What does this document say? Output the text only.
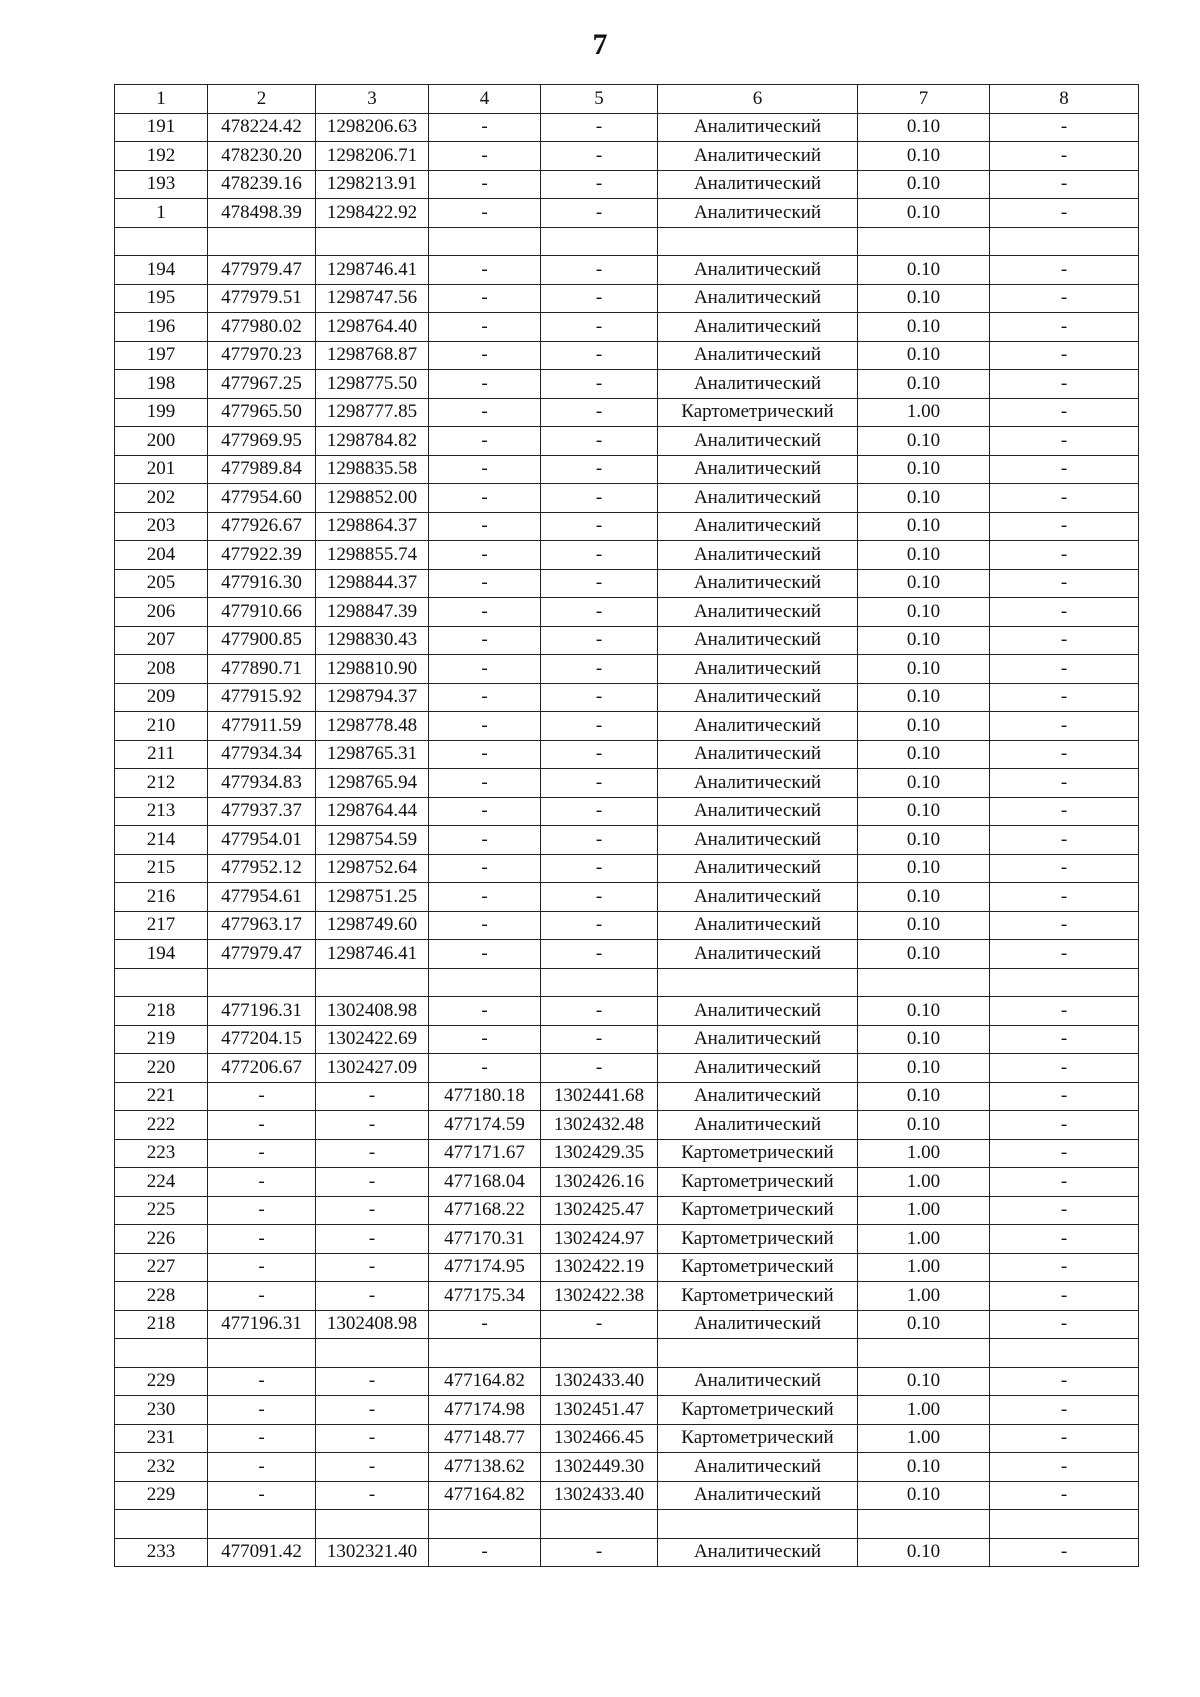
7
1	2	3	4	5	6	7	8
191	478224.42	1298206.63	-	-	Аналитический	0.10	-
192	478230.20	1298206.71	-	-	Аналитический	0.10	-
193	478239.16	1298213.91	-	-	Аналитический	0.10	-
1	478498.39	1298422.92	-	-	Аналитический	0.10	-

194	477979.47	1298746.41	-	-	Аналитический	0.10	-
195	477979.51	1298747.56	-	-	Аналитический	0.10	-
196	477980.02	1298764.40	-	-	Аналитический	0.10	-
197	477970.23	1298768.87	-	-	Аналитический	0.10	-
198	477967.25	1298775.50	-	-	Аналитический	0.10	-
199	477965.50	1298777.85	-	-	Картометрический	1.00	-
200	477969.95	1298784.82	-	-	Аналитический	0.10	-
201	477989.84	1298835.58	-	-	Аналитический	0.10	-
202	477954.60	1298852.00	-	-	Аналитический	0.10	-
203	477926.67	1298864.37	-	-	Аналитический	0.10	-
204	477922.39	1298855.74	-	-	Аналитический	0.10	-
205	477916.30	1298844.37	-	-	Аналитический	0.10	-
206	477910.66	1298847.39	-	-	Аналитический	0.10	-
207	477900.85	1298830.43	-	-	Аналитический	0.10	-
208	477890.71	1298810.90	-	-	Аналитический	0.10	-
209	477915.92	1298794.37	-	-	Аналитический	0.10	-
210	477911.59	1298778.48	-	-	Аналитический	0.10	-
211	477934.34	1298765.31	-	-	Аналитический	0.10	-
212	477934.83	1298765.94	-	-	Аналитический	0.10	-
213	477937.37	1298764.44	-	-	Аналитический	0.10	-
214	477954.01	1298754.59	-	-	Аналитический	0.10	-
215	477952.12	1298752.64	-	-	Аналитический	0.10	-
216	477954.61	1298751.25	-	-	Аналитический	0.10	-
217	477963.17	1298749.60	-	-	Аналитический	0.10	-
194	477979.47	1298746.41	-	-	Аналитический	0.10	-

218	477196.31	1302408.98	-	-	Аналитический	0.10	-
219	477204.15	1302422.69	-	-	Аналитический	0.10	-
220	477206.67	1302427.09	-	-	Аналитический	0.10	-
221	-	-	477180.18	1302441.68	Аналитический	0.10	-
222	-	-	477174.59	1302432.48	Аналитический	0.10	-
223	-	-	477171.67	1302429.35	Картометрический	1.00	-
224	-	-	477168.04	1302426.16	Картометрический	1.00	-
225	-	-	477168.22	1302425.47	Картометрический	1.00	-
226	-	-	477170.31	1302424.97	Картометрический	1.00	-
227	-	-	477174.95	1302422.19	Картометрический	1.00	-
228	-	-	477175.34	1302422.38	Картометрический	1.00	-
218	477196.31	1302408.98	-	-	Аналитический	0.10	-

229	-	-	477164.82	1302433.40	Аналитический	0.10	-
230	-	-	477174.98	1302451.47	Картометрический	1.00	-
231	-	-	477148.77	1302466.45	Картометрический	1.00	-
232	-	-	477138.62	1302449.30	Аналитический	0.10	-
229	-	-	477164.82	1302433.40	Аналитический	0.10	-

233	477091.42	1302321.40	-	-	Аналитический	0.10	-
